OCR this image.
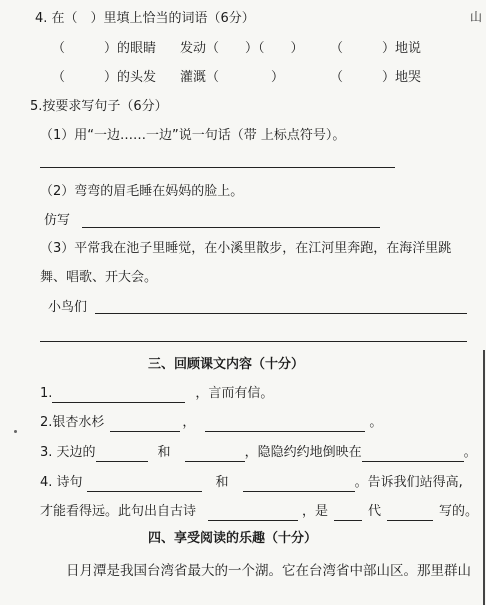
4. 在（　）里填上恰当的词语（6分）
（　　　）的眼睛 发动（　　）（　　） （　　　）地说
（　　　）的头发 灌溉（　　　　）	（　　　）地哭
5.按要求写句子（6分）
（1）用“一边……一边”说一句话（带 上标点符号）。
（2）弯弯的眉毛睡在妈妈的脸上。
仿写
（3）平常我在池子里睡觉，在小溪里散步，在江河里奔跑，在海洋里跳
舞、唱歌、开大会。
小鸟们
三、回顾课文内容（十分）
1.	，言而有信。
2.银杏水杉	，	。
3. 天边的	和	，隐隐约约地倒映在	。
4. 诗句	和	。告诉我们站得高,
才能看得远。此句出自古诗	，是	代	写的。
四、享受阅读的乐趣（十分）
日月潭是我国台湾省最大的一个湖。它在台湾省中部山区。那里群山
山
